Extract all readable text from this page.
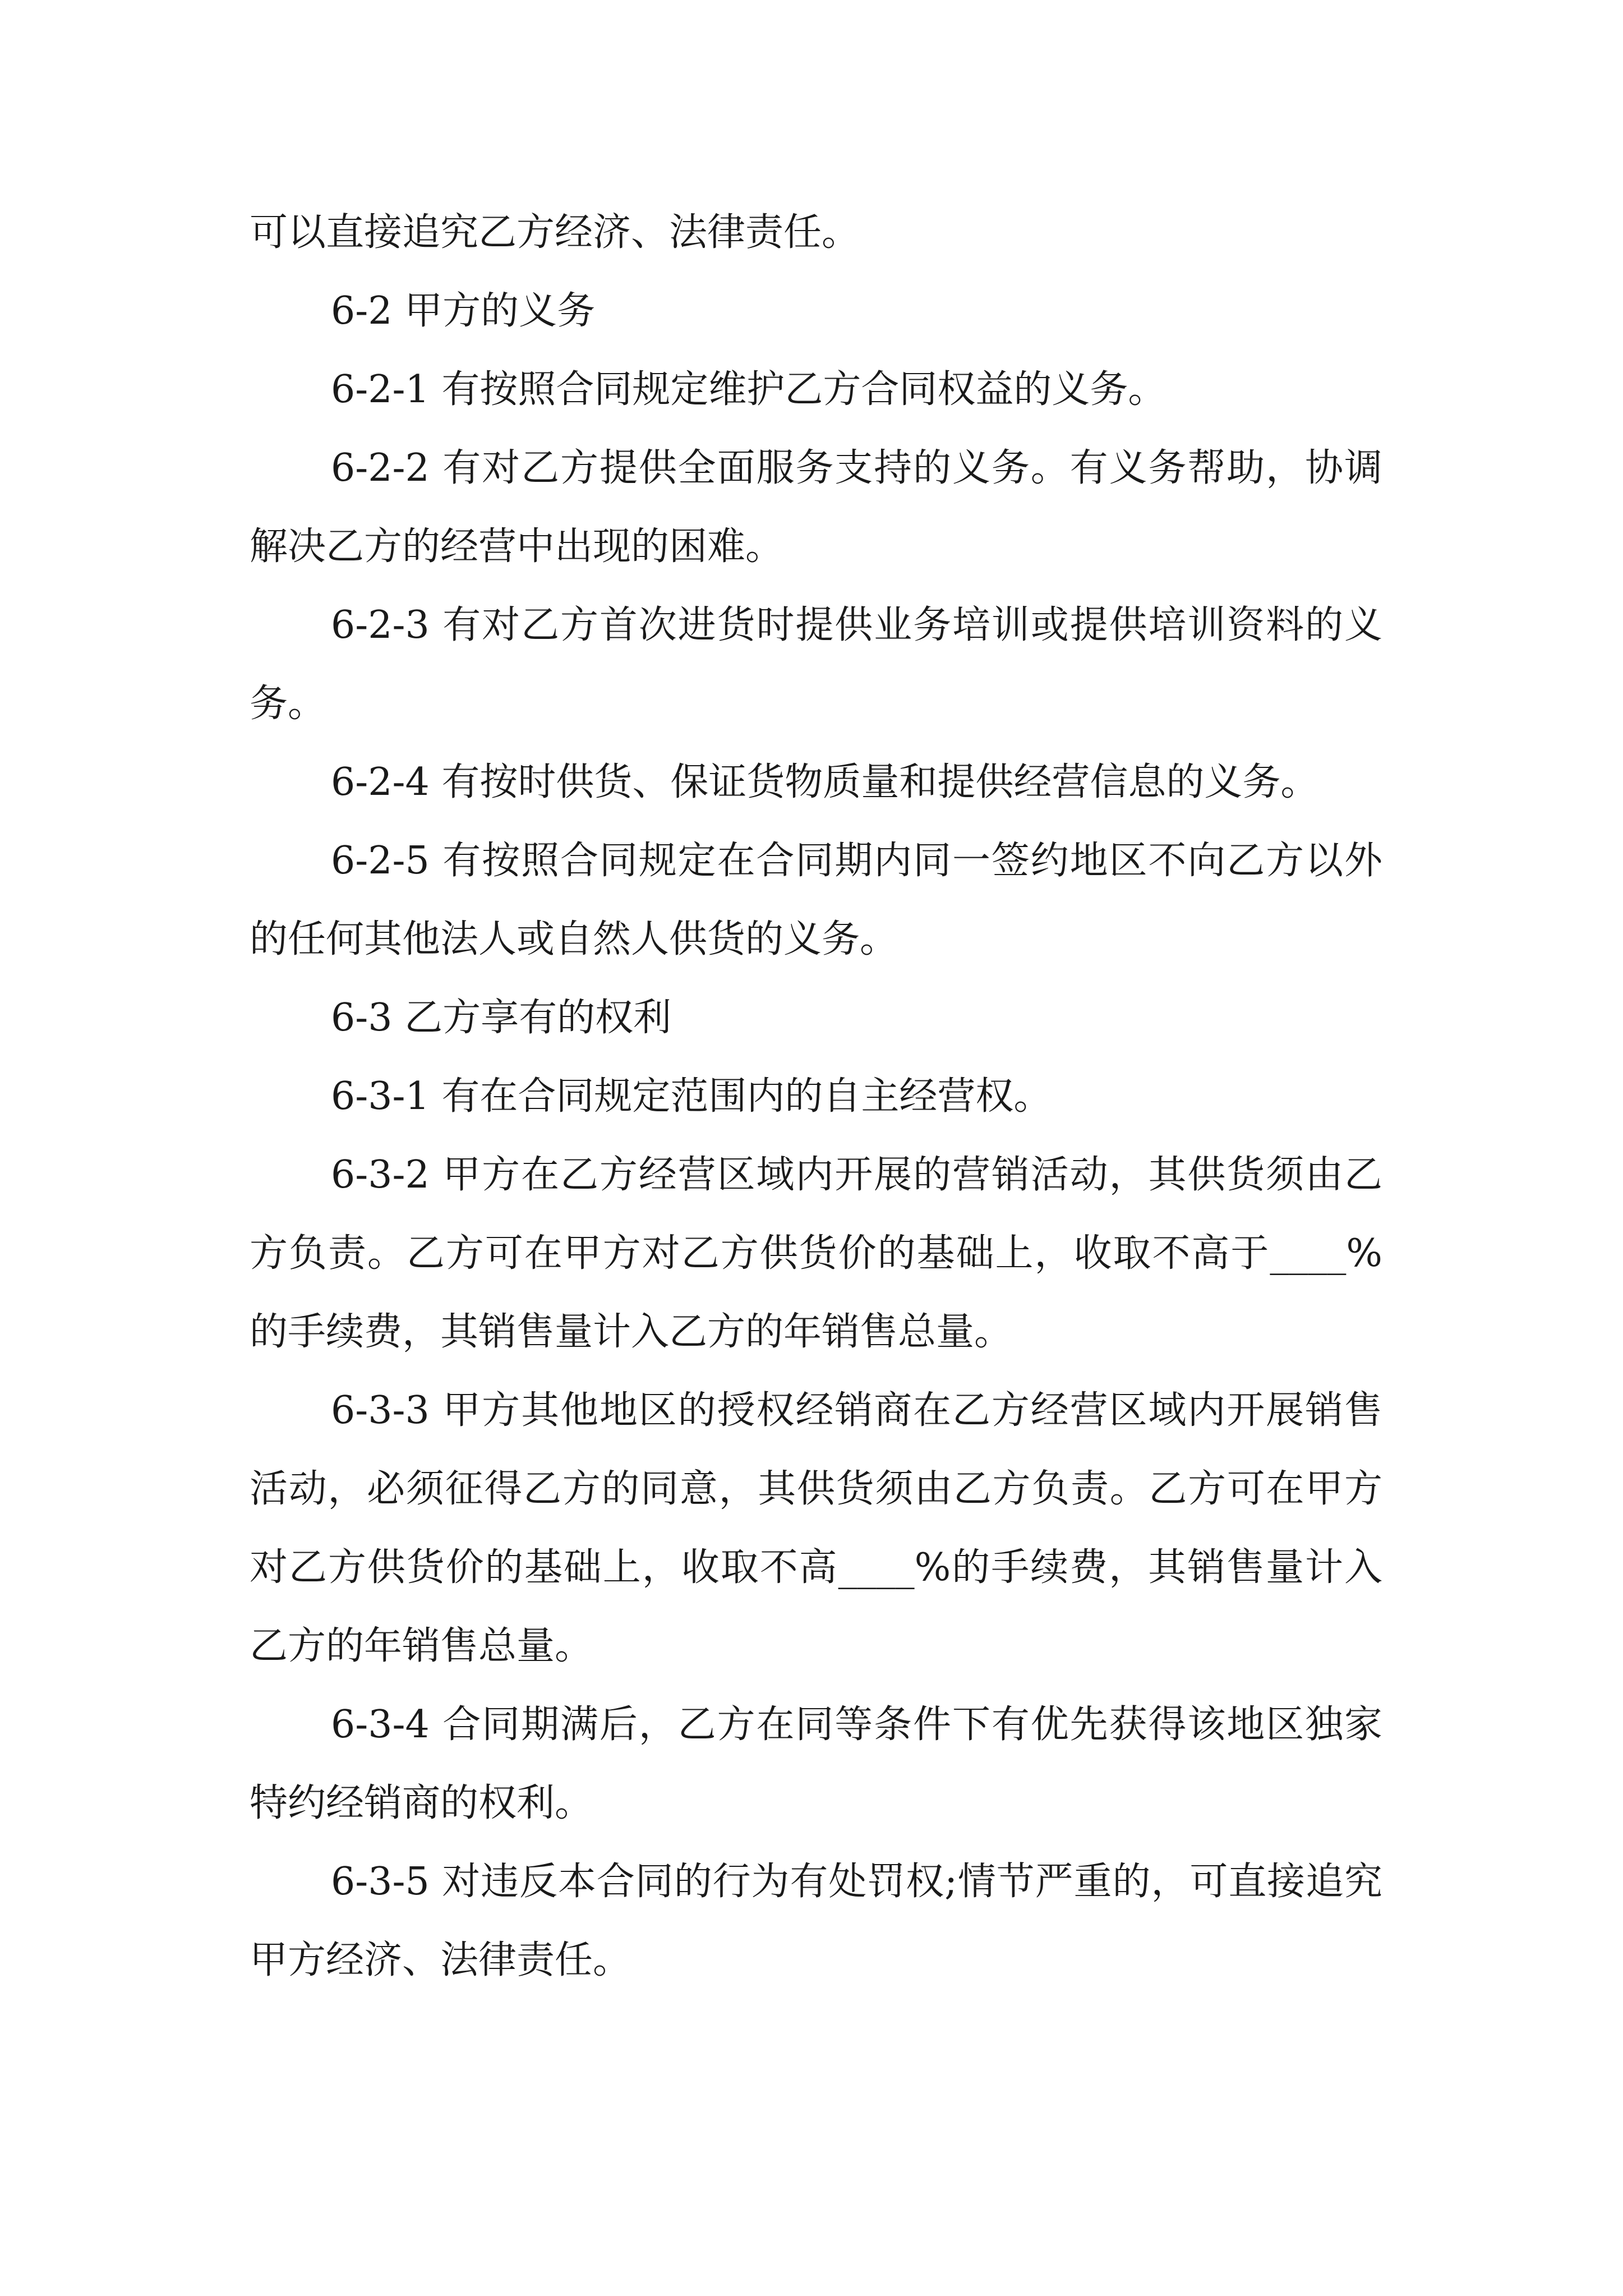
可以直接追究乙方经济、法律责任。

6-2 甲方的义务

6-2-1 有按照合同规定维护乙方合同权益的义务。

6-2-2 有对乙方提供全面服务支持的义务。有义务帮助，协调解决乙方的经营中出现的困难。

6-2-3 有对乙方首次进货时提供业务培训或提供培训资料的义务。

6-2-4 有按时供货、保证货物质量和提供经营信息的义务。

6-2-5 有按照合同规定在合同期内同一签约地区不向乙方以外的任何其他法人或自然人供货的义务。

6-3 乙方享有的权利

6-3-1 有在合同规定范围内的自主经营权。

6-3-2 甲方在乙方经营区域内开展的营销活动，其供货须由乙方负责。乙方可在甲方对乙方供货价的基础上，收取不高于____%的手续费，其销售量计入乙方的年销售总量。

6-3-3 甲方其他地区的授权经销商在乙方经营区域内开展销售活动，必须征得乙方的同意，其供货须由乙方负责。乙方可在甲方对乙方供货价的基础上，收取不高____%的手续费，其销售量计入乙方的年销售总量。

6-3-4 合同期满后，乙方在同等条件下有优先获得该地区独家特约经销商的权利。

6-3-5 对违反本合同的行为有处罚权;情节严重的，可直接追究甲方经济、法律责任。
